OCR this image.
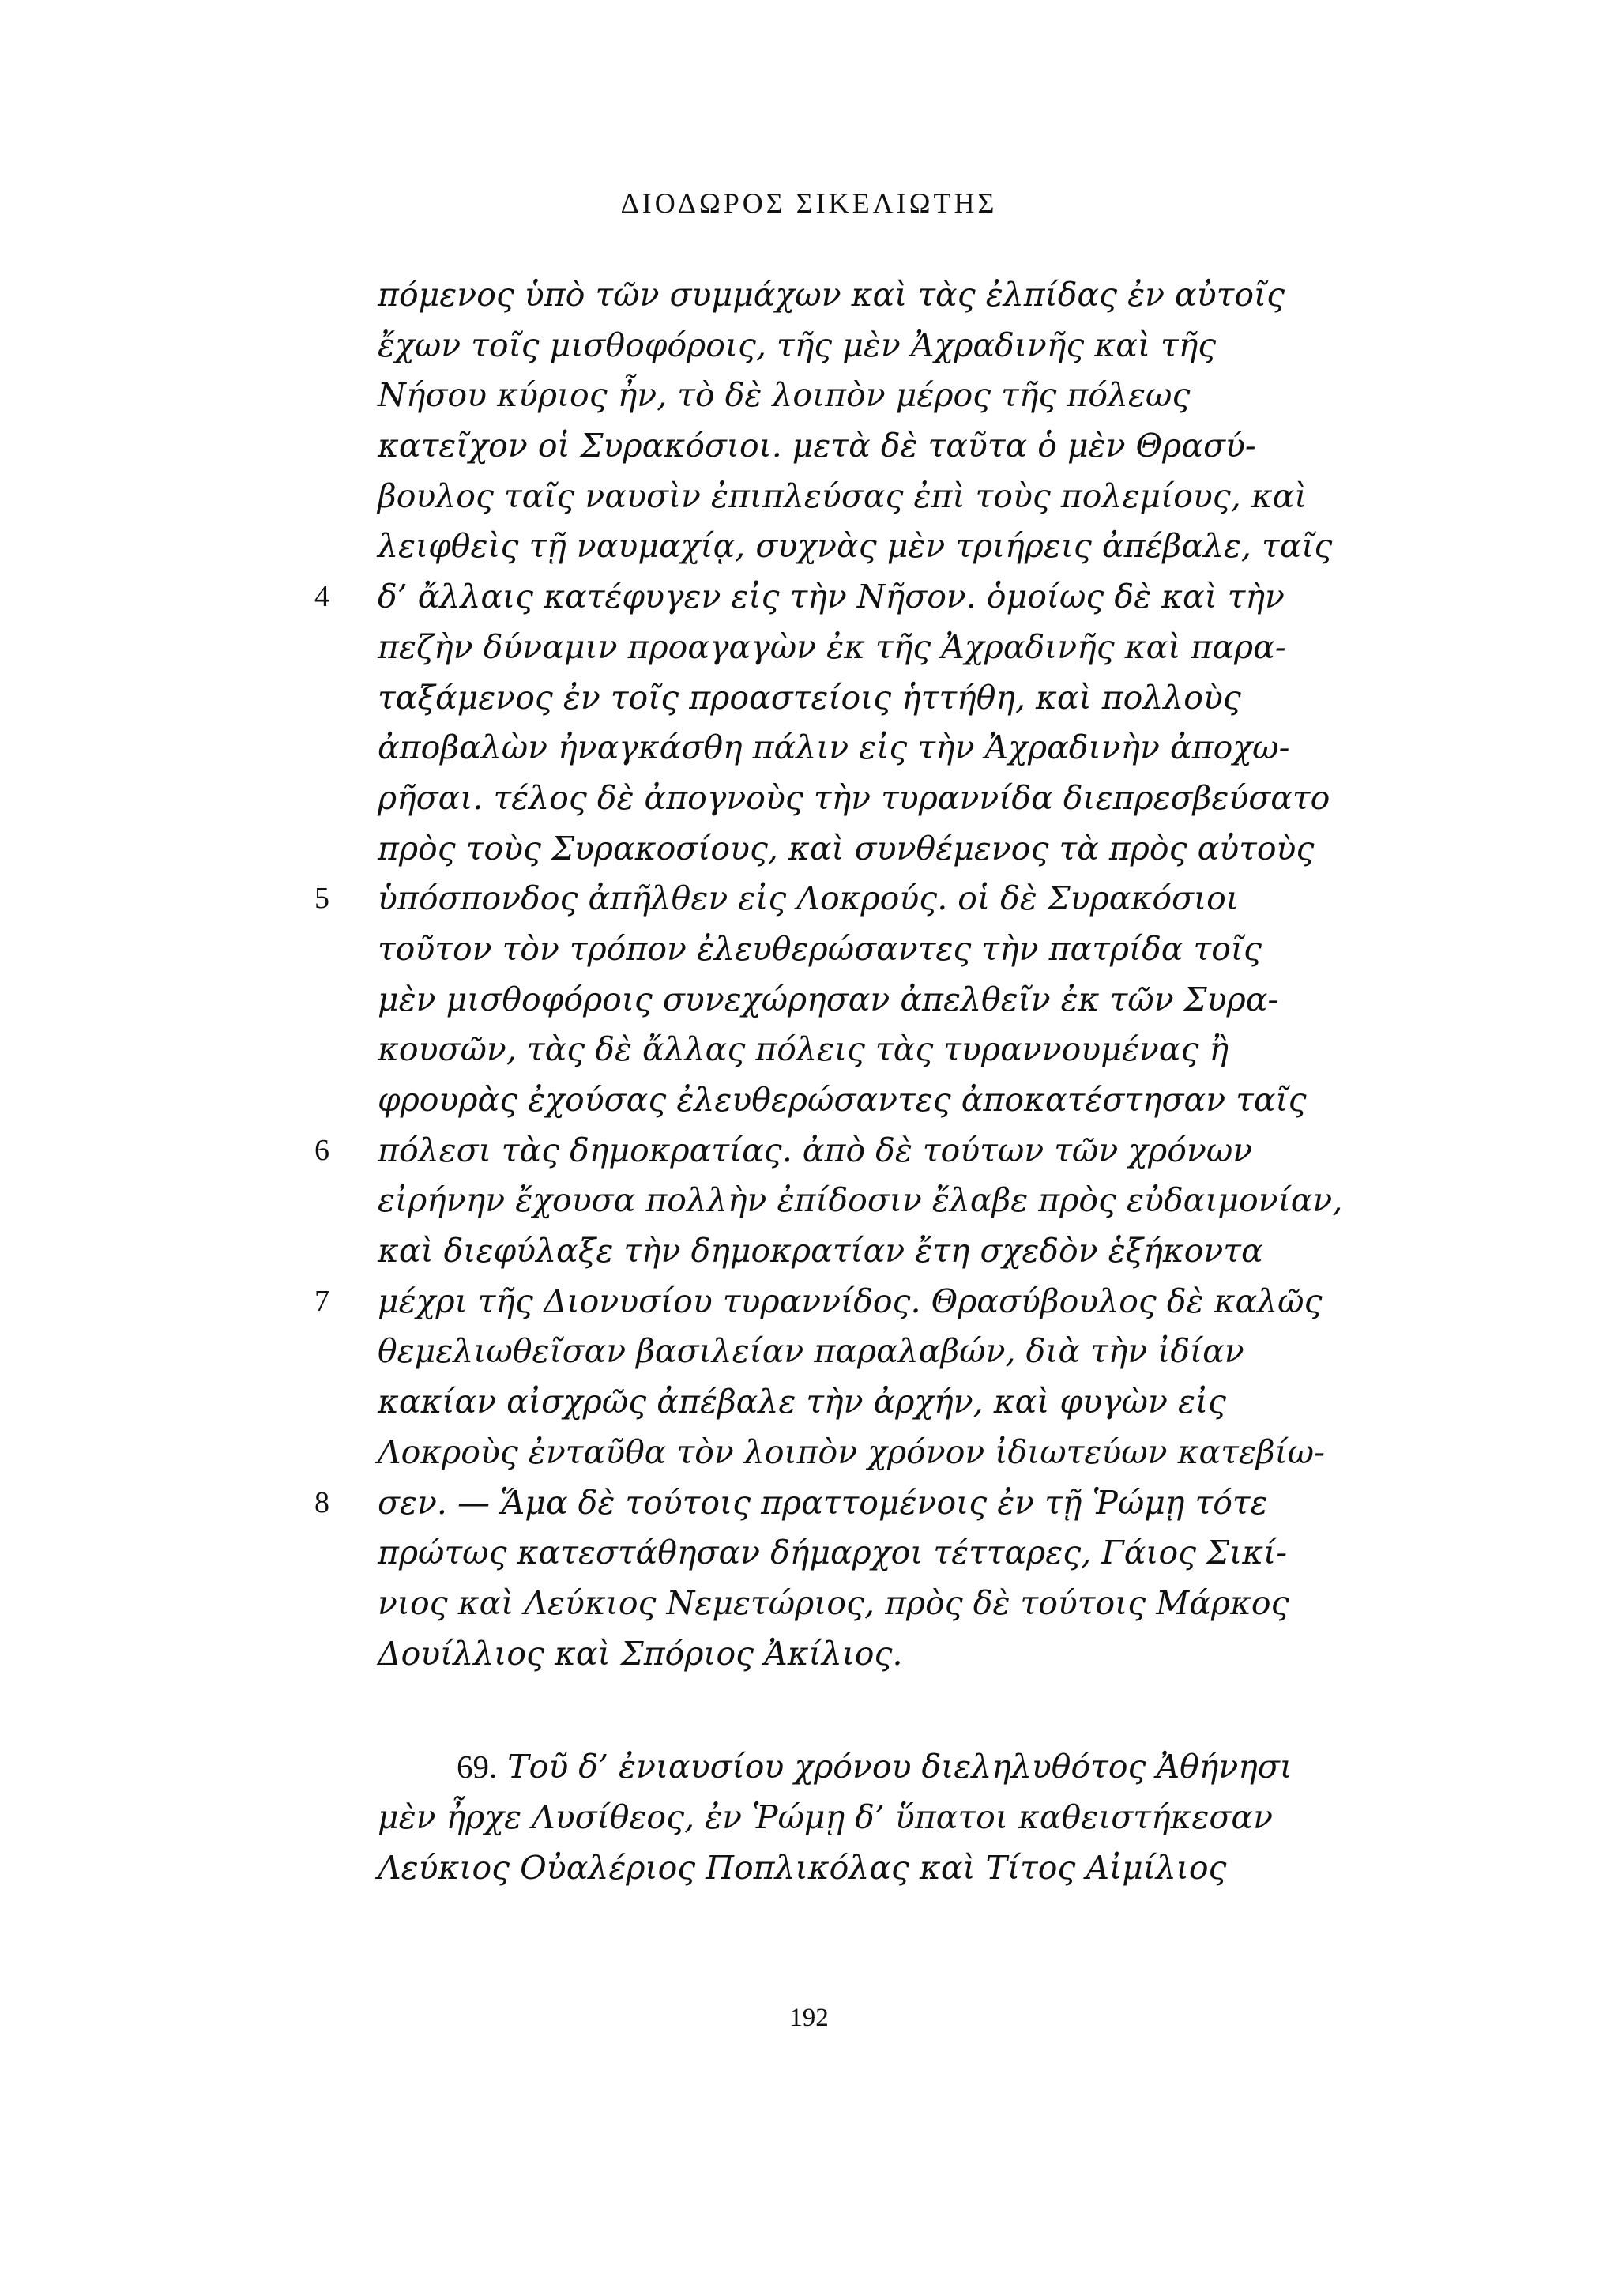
ΔΙΟΔΩΡΟΣ ΣΙΚΕΛΙΩΤΗΣ
πόμενος ὑπὸ τῶν συμμάχων καὶ τὰς ἐλπίδας ἐν αὐτοῖς
ἔχων τοῖς μισθοφόροις, τῆς μὲν Ἀχραδινῆς καὶ τῆς
Νήσου κύριος ἦν, τὸ δὲ λοιπὸν μέρος τῆς πόλεως
κατεῖχον οἱ Συρακόσιοι. μετὰ δὲ ταῦτα ὁ μὲν Θρασύ-
βουλος ταῖς ναυσὶν ἐπιπλεύσας ἐπὶ τοὺς πολεμίους, καὶ
λειφθεὶς τῇ ναυμαχίᾳ, συχνὰς μὲν τριήρεις ἀπέβαλε, ταῖς
4 δ’ ἄλλαις κατέφυγεν εἰς τὴν Νῆσον. ὁμοίως δὲ καὶ τὴν
πεζὴν δύναμιν προαγαγὼν ἐκ τῆς Ἀχραδινῆς καὶ παρα-
ταξάμενος ἐν τοῖς προαστείοις ἡττήθη, καὶ πολλοὺς
ἀποβαλὼν ἠναγκάσθη πάλιν εἰς τὴν Ἀχραδινὴν ἀποχω-
ρῆσαι. τέλος δὲ ἀπογνοὺς τὴν τυραννίδα διεπρεσβεύσατο
πρὸς τοὺς Συρακοσίους, καὶ συνθέμενος τὰ πρὸς αὐτοὺς
5 ὑπόσπονδος ἀπῆλθεν εἰς Λοκρούς. οἱ δὲ Συρακόσιοι
τοῦτον τὸν τρόπον ἐλευθερώσαντες τὴν πατρίδα τοῖς
μὲν μισθοφόροις συνεχώρησαν ἀπελθεῖν ἐκ τῶν Συρα-
κουσῶν, τὰς δὲ ἄλλας πόλεις τὰς τυραννουμένας ἢ
φρουρὰς ἐχούσας ἐλευθερώσαντες ἀποκατέστησαν ταῖς
6 πόλεσι τὰς δημοκρατίας. ἀπὸ δὲ τούτων τῶν χρόνων
εἰρήνην ἔχουσα πολλὴν ἐπίδοσιν ἔλαβε πρὸς εὐδαιμονίαν,
καὶ διεφύλαξε τὴν δημοκρατίαν ἔτη σχεδὸν ἑξήκοντα
7 μέχρι τῆς Διονυσίου τυραννίδος. Θρασύβουλος δὲ καλῶς
θεμελιωθεῖσαν βασιλείαν παραλαβών, διὰ τὴν ἰδίαν
κακίαν αἰσχρῶς ἀπέβαλε τὴν ἀρχήν, καὶ φυγὼν εἰς
Λοκροὺς ἐνταῦθα τὸν λοιπὸν χρόνον ἰδιωτεύων κατεβίω-
8 σεν. — Ἅμα δὲ τούτοις πραττομένοις ἐν τῇ Ῥώμῃ τότε
πρώτως κατεστάθησαν δήμαρχοι τέτταρες, Γάιος Σικί-
νιος καὶ Λεύκιος Νεμετώριος, πρὸς δὲ τούτοις Μάρκος
Δουίλλιος καὶ Σπόριος Ἀκίλιος.
69. Τοῦ δ’ ἐνιαυσίου χρόνου διεληλυθότος Ἀθήνησι
μὲν ἦρχε Λυσίθεος, ἐν Ῥώμῃ δ’ ὕπατοι καθειστήκεσαν
Λεύκιος Οὐαλέριος Ποπλικόλας καὶ Τίτος Αἰμίλιος
192
